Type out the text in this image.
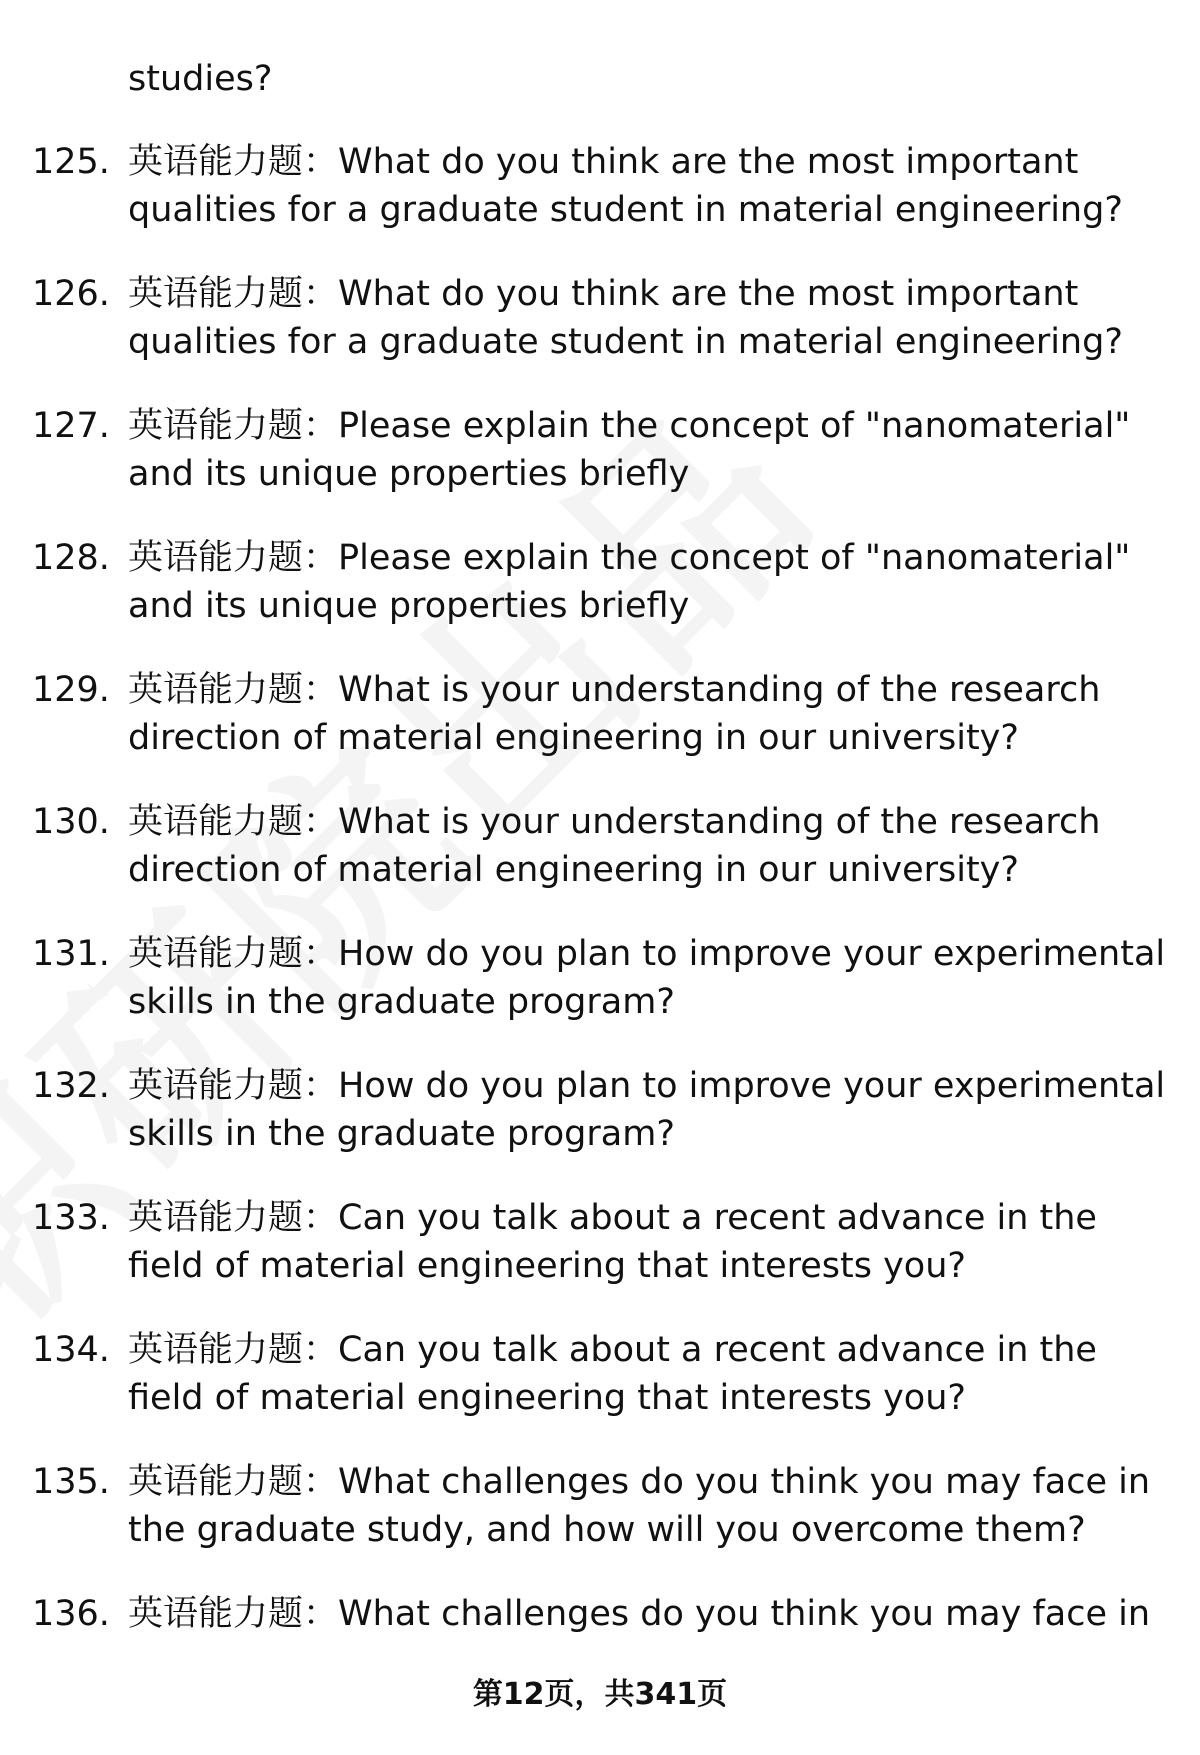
studies?

125. 英语能力题：What do you think are the most important qualities for a graduate student in material engineering?
126. 英语能力题：What do you think are the most important qualities for a graduate student in material engineering?
127. 英语能力题：Please explain the concept of "nanomaterial" and its unique properties briefly
128. 英语能力题：Please explain the concept of "nanomaterial" and its unique properties briefly
129. 英语能力题：What is your understanding of the research direction of material engineering in our university?
130. 英语能力题：What is your understanding of the research direction of material engineering in our university?
131. 英语能力题：How do you plan to improve your experimental skills in the graduate program?
132. 英语能力题：How do you plan to improve your experimental skills in the graduate program?
133. 英语能力题：Can you talk about a recent advance in the field of material engineering that interests you?
134. 英语能力题：Can you talk about a recent advance in the field of material engineering that interests you?
135. 英语能力题：What challenges do you think you may face in the graduate study, and how will you overcome them?
136. 英语能力题：What challenges do you think you may face in
第12页，共341页
